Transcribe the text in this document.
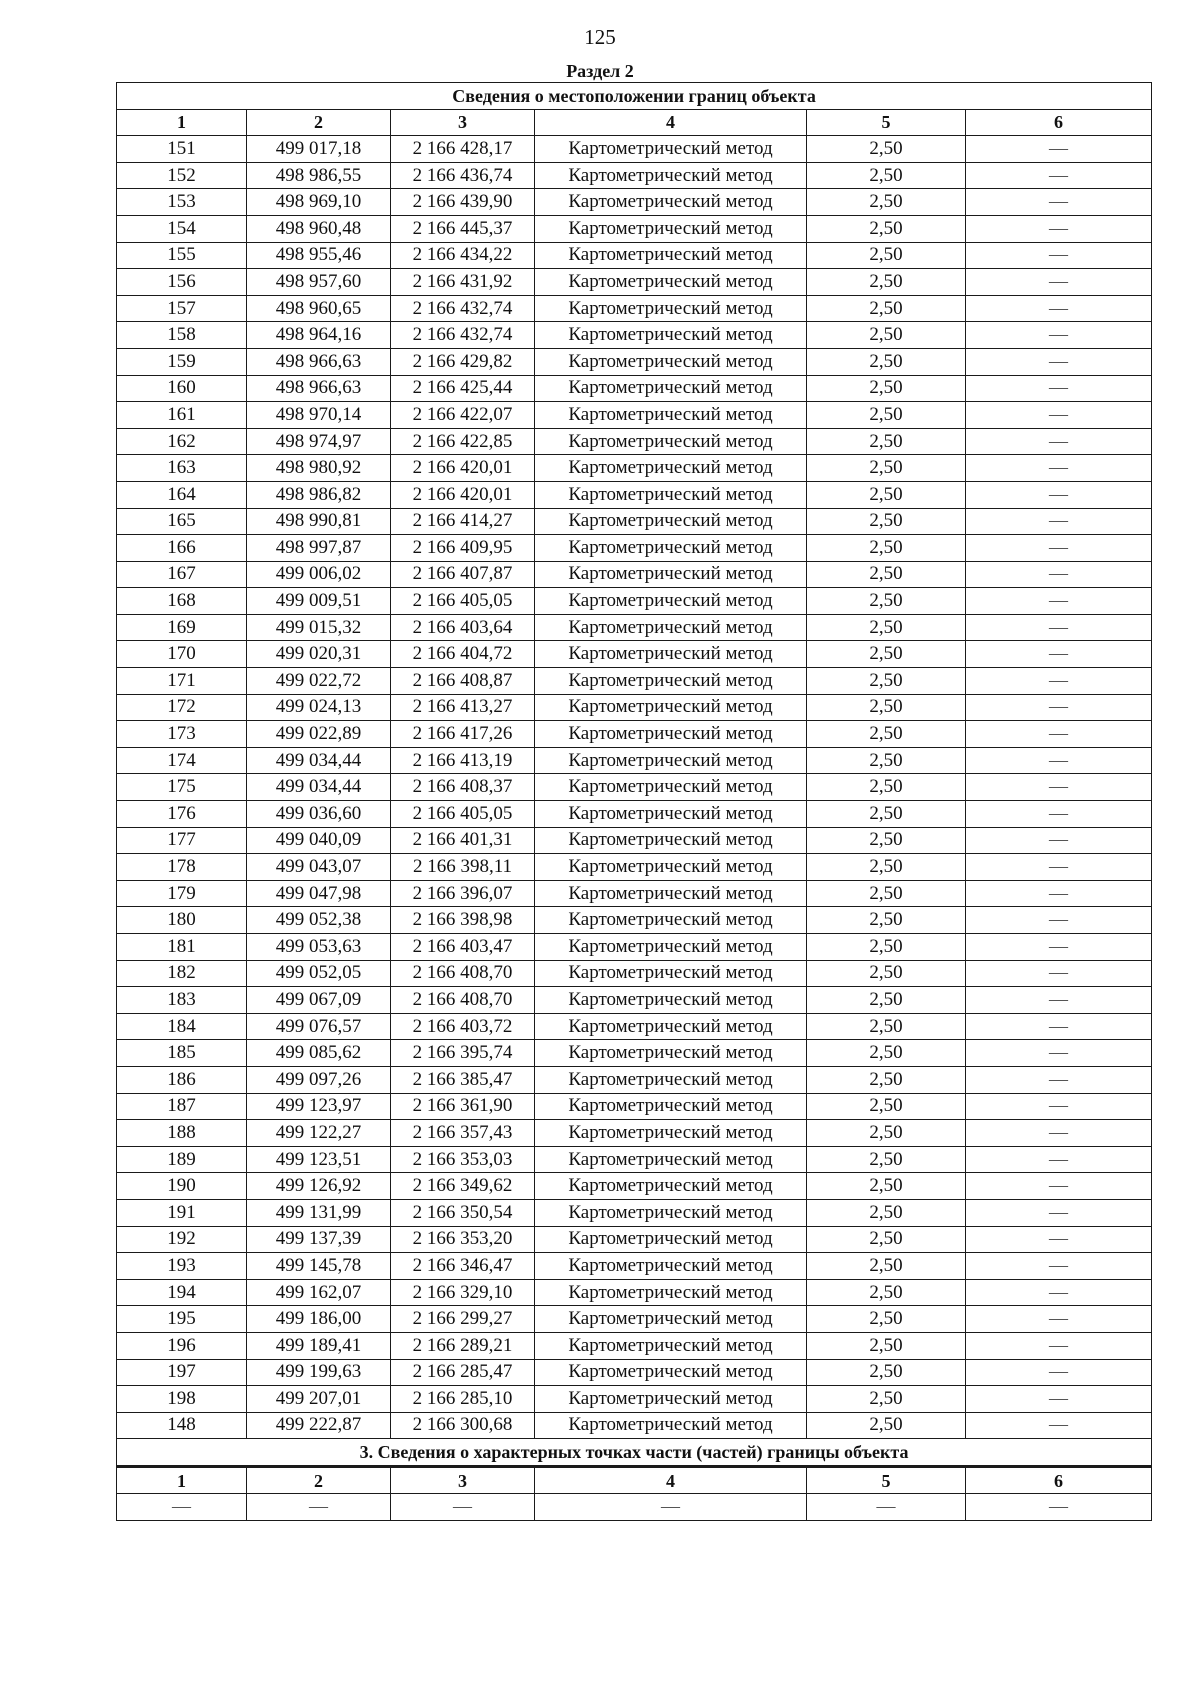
125
Раздел 2
Сведения о местоположении границ объекта					
1	2	3	4	5	6
151	499 017,18	2 166 428,17	Картометрический метод	2,50	—
152	498 986,55	2 166 436,74	Картометрический метод	2,50	—
153	498 969,10	2 166 439,90	Картометрический метод	2,50	—
154	498 960,48	2 166 445,37	Картометрический метод	2,50	—
155	498 955,46	2 166 434,22	Картометрический метод	2,50	—
156	498 957,60	2 166 431,92	Картометрический метод	2,50	—
157	498 960,65	2 166 432,74	Картометрический метод	2,50	—
158	498 964,16	2 166 432,74	Картометрический метод	2,50	—
159	498 966,63	2 166 429,82	Картометрический метод	2,50	—
160	498 966,63	2 166 425,44	Картометрический метод	2,50	—
161	498 970,14	2 166 422,07	Картометрический метод	2,50	—
162	498 974,97	2 166 422,85	Картометрический метод	2,50	—
163	498 980,92	2 166 420,01	Картометрический метод	2,50	—
164	498 986,82	2 166 420,01	Картометрический метод	2,50	—
165	498 990,81	2 166 414,27	Картометрический метод	2,50	—
166	498 997,87	2 166 409,95	Картометрический метод	2,50	—
167	499 006,02	2 166 407,87	Картометрический метод	2,50	—
168	499 009,51	2 166 405,05	Картометрический метод	2,50	—
169	499 015,32	2 166 403,64	Картометрический метод	2,50	—
170	499 020,31	2 166 404,72	Картометрический метод	2,50	—
171	499 022,72	2 166 408,87	Картометрический метод	2,50	—
172	499 024,13	2 166 413,27	Картометрический метод	2,50	—
173	499 022,89	2 166 417,26	Картометрический метод	2,50	—
174	499 034,44	2 166 413,19	Картометрический метод	2,50	—
175	499 034,44	2 166 408,37	Картометрический метод	2,50	—
176	499 036,60	2 166 405,05	Картометрический метод	2,50	—
177	499 040,09	2 166 401,31	Картометрический метод	2,50	—
178	499 043,07	2 166 398,11	Картометрический метод	2,50	—
179	499 047,98	2 166 396,07	Картометрический метод	2,50	—
180	499 052,38	2 166 398,98	Картометрический метод	2,50	—
181	499 053,63	2 166 403,47	Картометрический метод	2,50	—
182	499 052,05	2 166 408,70	Картометрический метод	2,50	—
183	499 067,09	2 166 408,70	Картометрический метод	2,50	—
184	499 076,57	2 166 403,72	Картометрический метод	2,50	—
185	499 085,62	2 166 395,74	Картометрический метод	2,50	—
186	499 097,26	2 166 385,47	Картометрический метод	2,50	—
187	499 123,97	2 166 361,90	Картометрический метод	2,50	—
188	499 122,27	2 166 357,43	Картометрический метод	2,50	—
189	499 123,51	2 166 353,03	Картометрический метод	2,50	—
190	499 126,92	2 166 349,62	Картометрический метод	2,50	—
191	499 131,99	2 166 350,54	Картометрический метод	2,50	—
192	499 137,39	2 166 353,20	Картометрический метод	2,50	—
193	499 145,78	2 166 346,47	Картометрический метод	2,50	—
194	499 162,07	2 166 329,10	Картометрический метод	2,50	—
195	499 186,00	2 166 299,27	Картометрический метод	2,50	—
196	499 189,41	2 166 289,21	Картометрический метод	2,50	—
197	499 199,63	2 166 285,47	Картометрический метод	2,50	—
198	499 207,01	2 166 285,10	Картометрический метод	2,50	—
148	499 222,87	2 166 300,68	Картометрический метод	2,50	—
3. Сведения о характерных точках части (частей) границы объекта					
1	2	3	4	5	6
—	—	—	—	—	—
